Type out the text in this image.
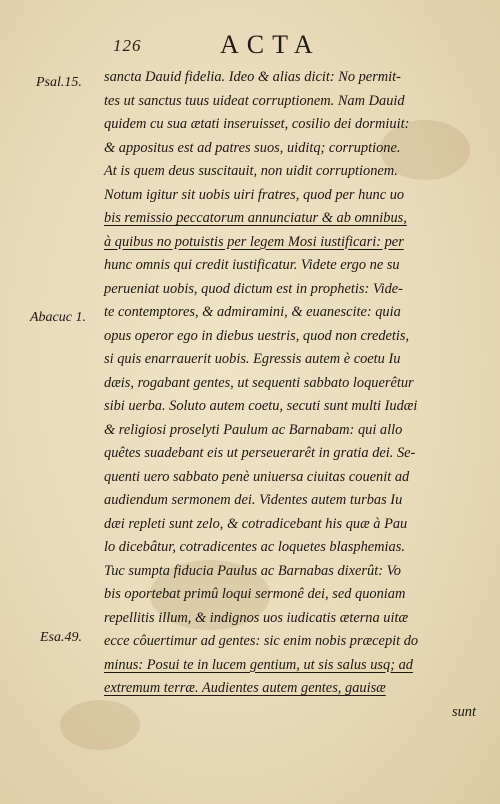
126	ACTA
Psal.15.
Abacuc 1.
Esa.49.
sancta Dauid fidelia. Ideo & alias dicit: No permit-
tes ut sanctus tuus uideat corruptionem. Nam Dauid
quidem cu sua ætati inseruisset, cosilio dei dormiuit:
& appositus est ad patres suos, uiditq; corruptione.
At is quem deus suscitauit, non uidit corruptionem.
Notum igitur sit uobis uiri fratres, quod per hunc uo
bis remissio peccatorum annunciatur & ab omnibus,
à quibus no potuistis per legem Mosi iustificari: per
hunc omnis qui credit iustificatur. Videte ergo ne su
perueniat uobis, quod dictum est in prophetis: Vide-
te contemptores, & admiramini, & euanescite: quia
opus operor ego in diebus uestris, quod non credetis,
si quis enarrauerit uobis. Egressis autem è coetu Iu
dæis, rogabant gentes, ut sequenti sabbato loquerêtur
sibi uerba. Soluto autem coetu, secuti sunt multi Iudæi
& religiosi proselyti Paulum ac Barnabam: qui allo
quêtes suadebant eis ut perseuerarêt in gratia dei. Se-
quenti uero sabbato penè uniuersa ciuitas couenit ad
audiendum sermonem dei. Videntes autem turbas Iu
dæi repleti sunt zelo, & cotradicebant his quæ à Pau
lo dicebâtur, cotradicentes ac loquetes blasphemias.
Tuc sumpta fiducia Paulus ac Barnabas dixerût: Vo
bis oportebat primû loqui sermonê dei, sed quoniam
repellitis illum, & indignos uos iudicatis æterna uitæ
ecce côuertimur ad gentes: sic enim nobis præcepit do
minus: Posui te in lucem gentium, ut sis salus usq; ad
extremum terræ. Audientes autem gentes, gauisæ
sunt
